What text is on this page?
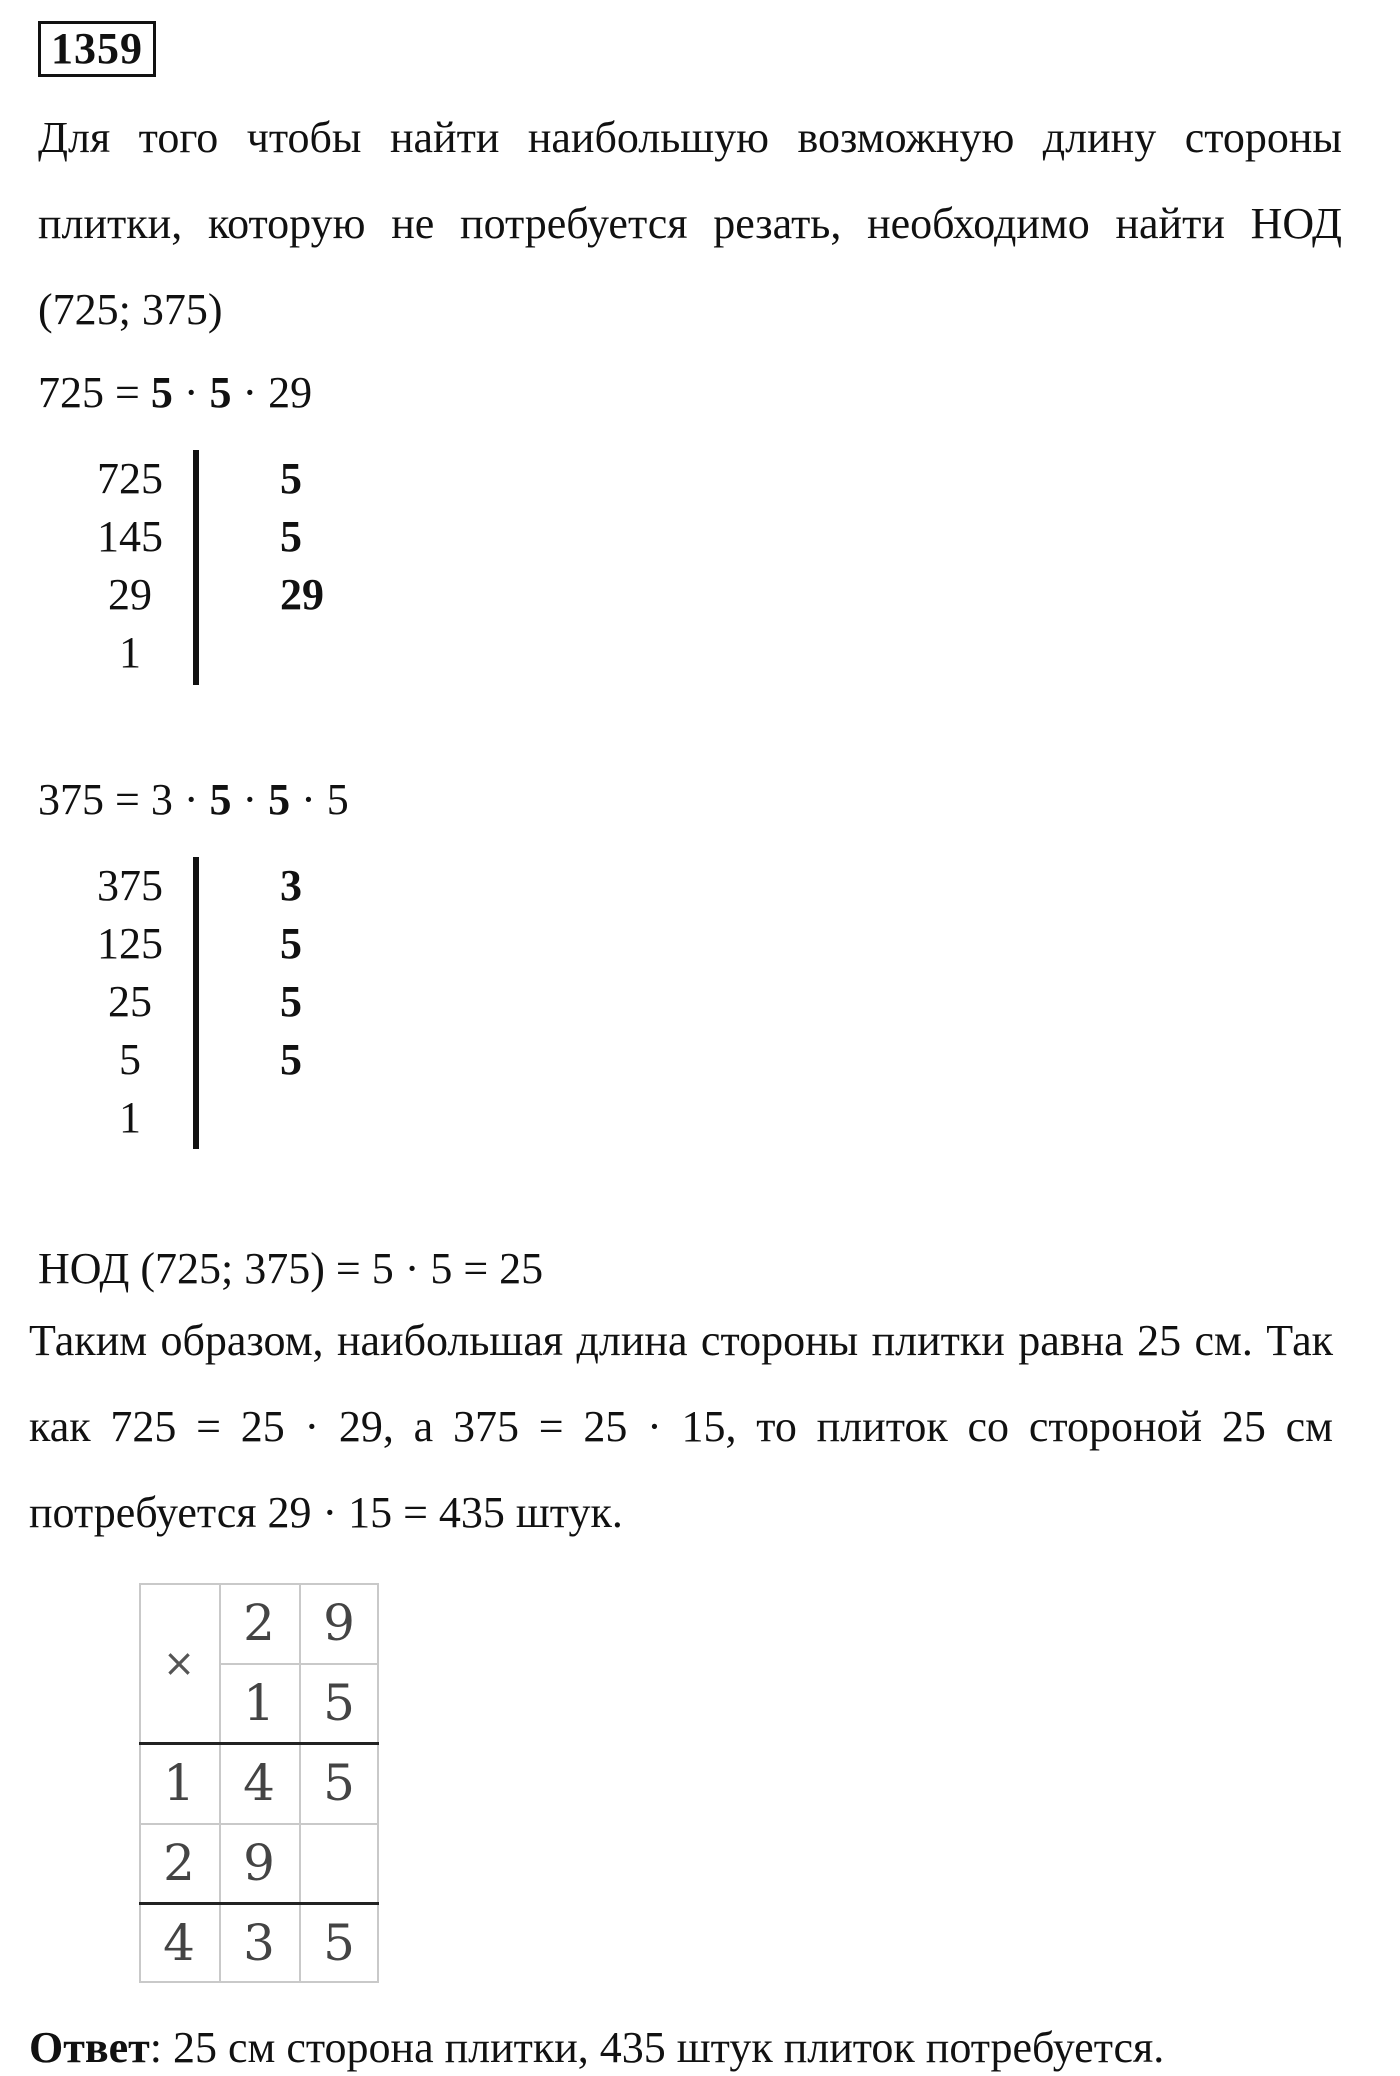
1359
Для того чтобы найти наибольшую возможную длину стороны плитки, которую не потребуется резать, необходимо найти НОД (725; 375)
725 = 5 · 5 · 29
725
145
29
1
5
5
29
375 = 3 · 5 · 5 · 5
375
125
25
5
1
3
5
5
5
НОД (725; 375) = 5 · 5 = 25
Таким образом, наибольшая длина стороны плитки равна 25 см. Так как 725 = 25 · 29, а 375 = 25 · 15, то плиток со стороной 25 см потребуется 29 · 15 = 435 штук.
×
2 9
1 5
1 4 5
2 9
4 3 5
Ответ: 25 см сторона плитки, 435 штук плиток потребуется.
